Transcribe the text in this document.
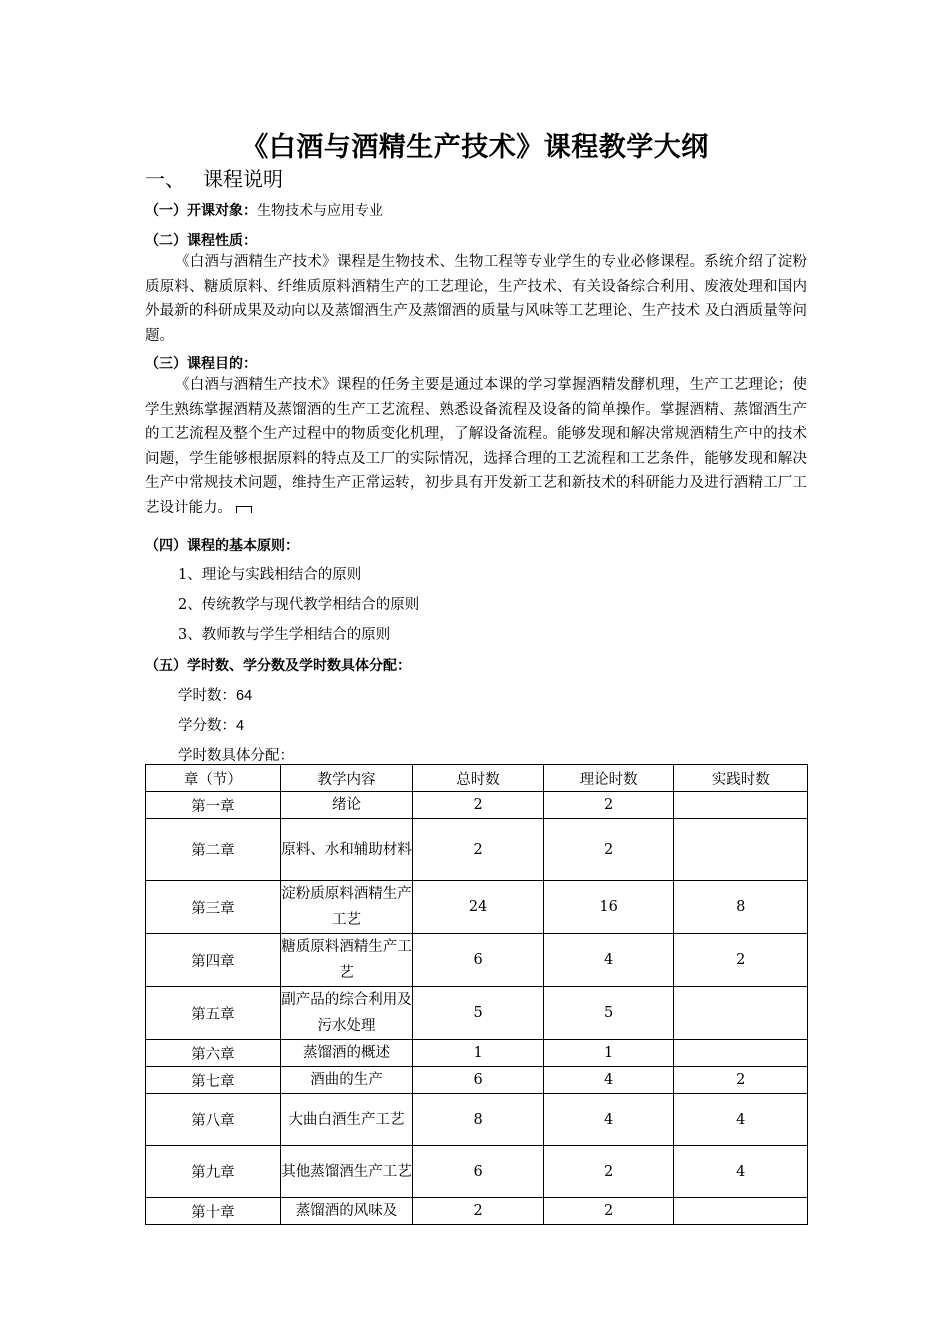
《白酒与酒精生产技术》课程教学大纲
一、 课程说明
（一）开课对象：生物技术与应用专业
（二）课程性质：
《白酒与酒精生产技术》课程是生物技术、生物工程等专业学生的专业必修课程。系统介绍了淀粉质原料、糖质原料、纤维质原料酒精生产的工艺理论，生产技术、有关设备综合利用、废液处理和国内外最新的科研成果及动向以及蒸馏酒生产及蒸馏酒的质量与风味等工艺理论、生产技术 及白酒质量等问题。
（三）课程目的：
《白酒与酒精生产技术》课程的任务主要是通过本课的学习掌握酒精发酵机理，生产工艺理论；使学生熟练掌握酒精及蒸馏酒的生产工艺流程、熟悉设备流程及设备的简单操作。掌握酒精、蒸馏酒生产的工艺流程及整个生产过程中的物质变化机理，了解设备流程。能够发现和解决常规酒精生产中的技术问题，学生能够根据原料的特点及工厂的实际情况，选择合理的工艺流程和工艺条件，能够发现和解决生产中常规技术问题，维持生产正常运转，初步具有开发新工艺和新技术的科研能力及进行酒精工厂工艺设计能力。
（四）课程的基本原则：
1、理论与实践相结合的原则
2、传统教学与现代教学相结合的原则
3、教师教与学生学相结合的原则
（五）学时数、学分数及学时数具体分配：
学时数：64
学分数：4
学时数具体分配：
章（节）	教学内容	总时数	理论时数	实践时数
第一章	绪论	2	2	
第二章	原料、水和辅助材料	2	2	
第三章	淀粉质原料酒精生产工艺	24	16	8
第四章	糖质原料酒精生产工艺	6	4	2
第五章	副产品的综合利用及污水处理	5	5	
第六章	蒸馏酒的概述	1	1	
第七章	酒曲的生产	6	4	2
第八章	大曲白酒生产工艺	8	4	4
第九章	其他蒸馏酒生产工艺	6	2	4
第十章	蒸馏酒的风味及	2	2	
